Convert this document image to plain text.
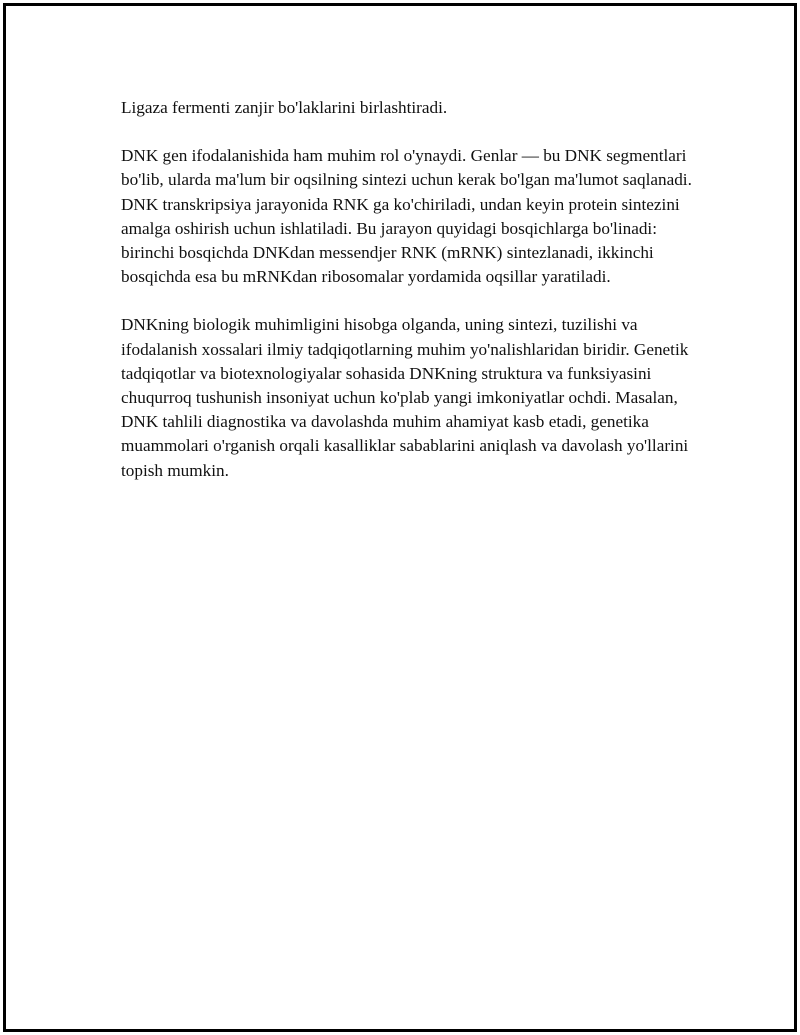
Ligaza fermenti zanjir bo'laklarini birlashtiradi.

DNK gen ifodalanishida ham muhim rol o'ynaydi. Genlar — bu DNK segmentlari bo'lib, ularda ma'lum bir oqsilning sintezi uchun kerak bo'lgan ma'lumot saqlanadi. DNK transkripsiya jarayonida RNK ga ko'chiriladi, undan keyin protein sintezini amalga oshirish uchun ishlatiladi. Bu jarayon quyidagi bosqichlarga bo'linadi: birinchi bosqichda DNKdan messendjer RNK (mRNK) sintezlanadi, ikkinchi bosqichda esa bu mRNKdan ribosomalar yordamida oqsillar yaratiladi.

DNKning biologik muhimligini hisobga olganda, uning sintezi, tuzilishi va ifodalanish xossalari ilmiy tadqiqotlarning muhim yo'nalishlaridan biridir. Genetik tadqiqotlar va biotexnologiyalar sohasida DNKning struktura va funksiyasini chuqurroq tushunish insoniyat uchun ko'plab yangi imkoniyatlar ochdi. Masalan, DNK tahlili diagnostika va davolashda muhim ahamiyat kasb etadi, genetika muammolari o'rganish orqali kasalliklar sabablarini aniqlash va davolash yo'llarini topish mumkin.
